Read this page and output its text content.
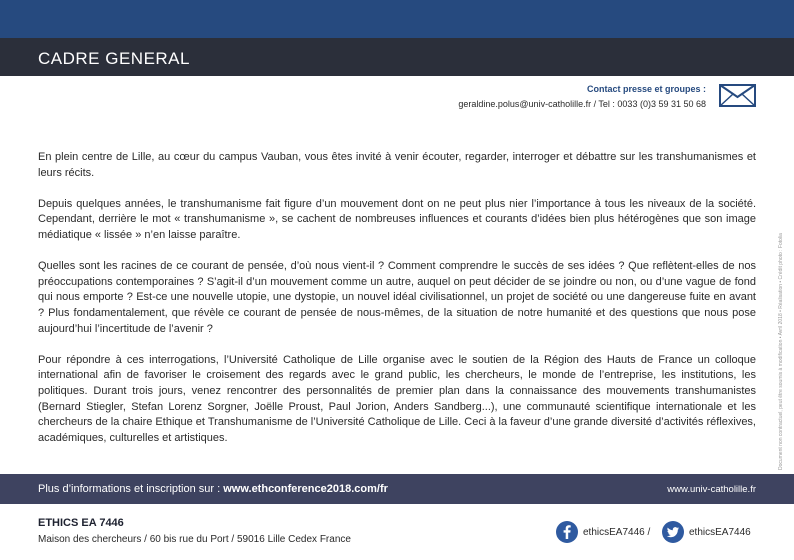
CADRE GENERAL
Contact presse et groupes :
geraldine.polus@univ-catholille.fr / Tel : 0033 (0)3 59 31 50 68

En plein centre de Lille, au cœur du campus Vauban, vous êtes invité à venir écouter, regarder, interroger et débattre sur les transhumanismes et leurs récits.

Depuis quelques années, le transhumanisme fait figure d’un mouvement dont on ne peut plus nier l’importance à tous les niveaux de la société. Cependant, derrière le mot « transhumanisme », se cachent de nombreuses influences et courants d’idées bien plus hétérogènes que son image médiatique « lissée » n’en laisse paraître.

Quelles sont les racines de ce courant de pensée, d’où nous vient-il ? Comment comprendre le succès de ses idées ? Que reflètent-elles de nos préoccupations contemporaines ? S’agit-il d’un mouvement comme un autre, auquel on peut décider de se joindre ou non, ou d’une vague de fond qui nous emporte ? Est-ce une nouvelle utopie, une dystopie, un nouvel idéal civilisationnel, un projet de société ou une dangereuse fuite en avant ? Plus fondamentalement, que révèle ce courant de pensée de nous-mêmes, de la situation de notre humanité et des questions que nous pose aujourd’hui l’incertitude de l’avenir ?

Pour répondre à ces interrogations, l’Université Catholique de Lille organise avec le soutien de la Région des Hauts de France un colloque international afin de favoriser le croisement des regards avec le grand public, les chercheurs, le monde de l’entreprise, les institutions, les politiques. Durant trois jours, venez rencontrer des personnalités de premier plan dans la connaissance des mouvements transhumanistes (Bernard Stiegler, Stefan Lorenz Sorgner, Joëlle Proust, Paul Jorion, Anders Sandberg...), une communauté scientifique internationale et les chercheurs de la chaire Ethique et Transhumanisme de l’Université Catholique de Lille. Ceci à la faveur d’une grande diversité d’activités réflexives, académiques, culturelles et artistiques.	Document non contractuel, peut être soumis à modification • Avril 2018 • Réalisation • Crédit photo : Fotolia
Plus d’informations et inscription sur : www.ethconference2018.com/fr	www.univ-catholille.fr
ETHICS EA 7446
Maison des chercheurs / 60 bis rue du Port / 59016 Lille Cedex France
ethicsEA7446 /	ethicsEA7446
